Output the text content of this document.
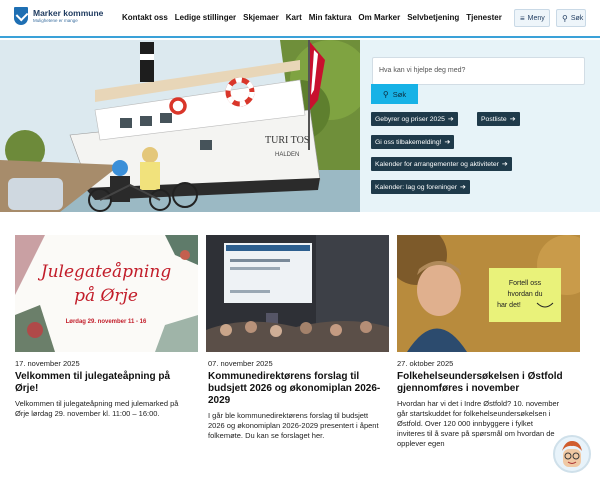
Marker kommune
Mulighetene er mange	Kontakt oss Ledige stillinger Skjemaer Kart Min faktura Om Marker Selvbetjening Tjenester ≡ Meny ⚲ Søk
TURI TOS
HALDEN
Hva kan vi hjelpe deg med?
⚲ Søk
Gebyrer og priser 2025 ➔	Postliste ➔
Gi oss tilbakemelding! ➔
Kalender for arrangementer og aktiviteter ➔
Kalender: lag og foreninger ➔
Julegateåpning
på Ørje
Lørdag 29. november 11 - 16
17. november 2025
Velkommen til julegateåpning på Ørje!
Velkommen til julegateåpning med julemarked på Ørje lørdag 29. november kl. 11:00 – 16:00.
07. november 2025
Kommunedirektørens forslag til budsjett 2026 og økonomiplan 2026-2029
I går ble kommunedirektørens forslag til budsjett 2026 og økonomiplan 2026-2029 presentert i åpent folkemøte. Du kan se forslaget her.
Fortell oss
hvordan du
har det!
27. oktober 2025
Folkehelseundersøkelsen i Østfold gjennomføres i november
Hvordan har vi det i Indre Østfold? 10. november går startskuddet for folkehelseundersøkelsen i Østfold. Over 120 000 innbyggere i fylket inviteres til å svare på spørsmål om hvordan de opplever egen
